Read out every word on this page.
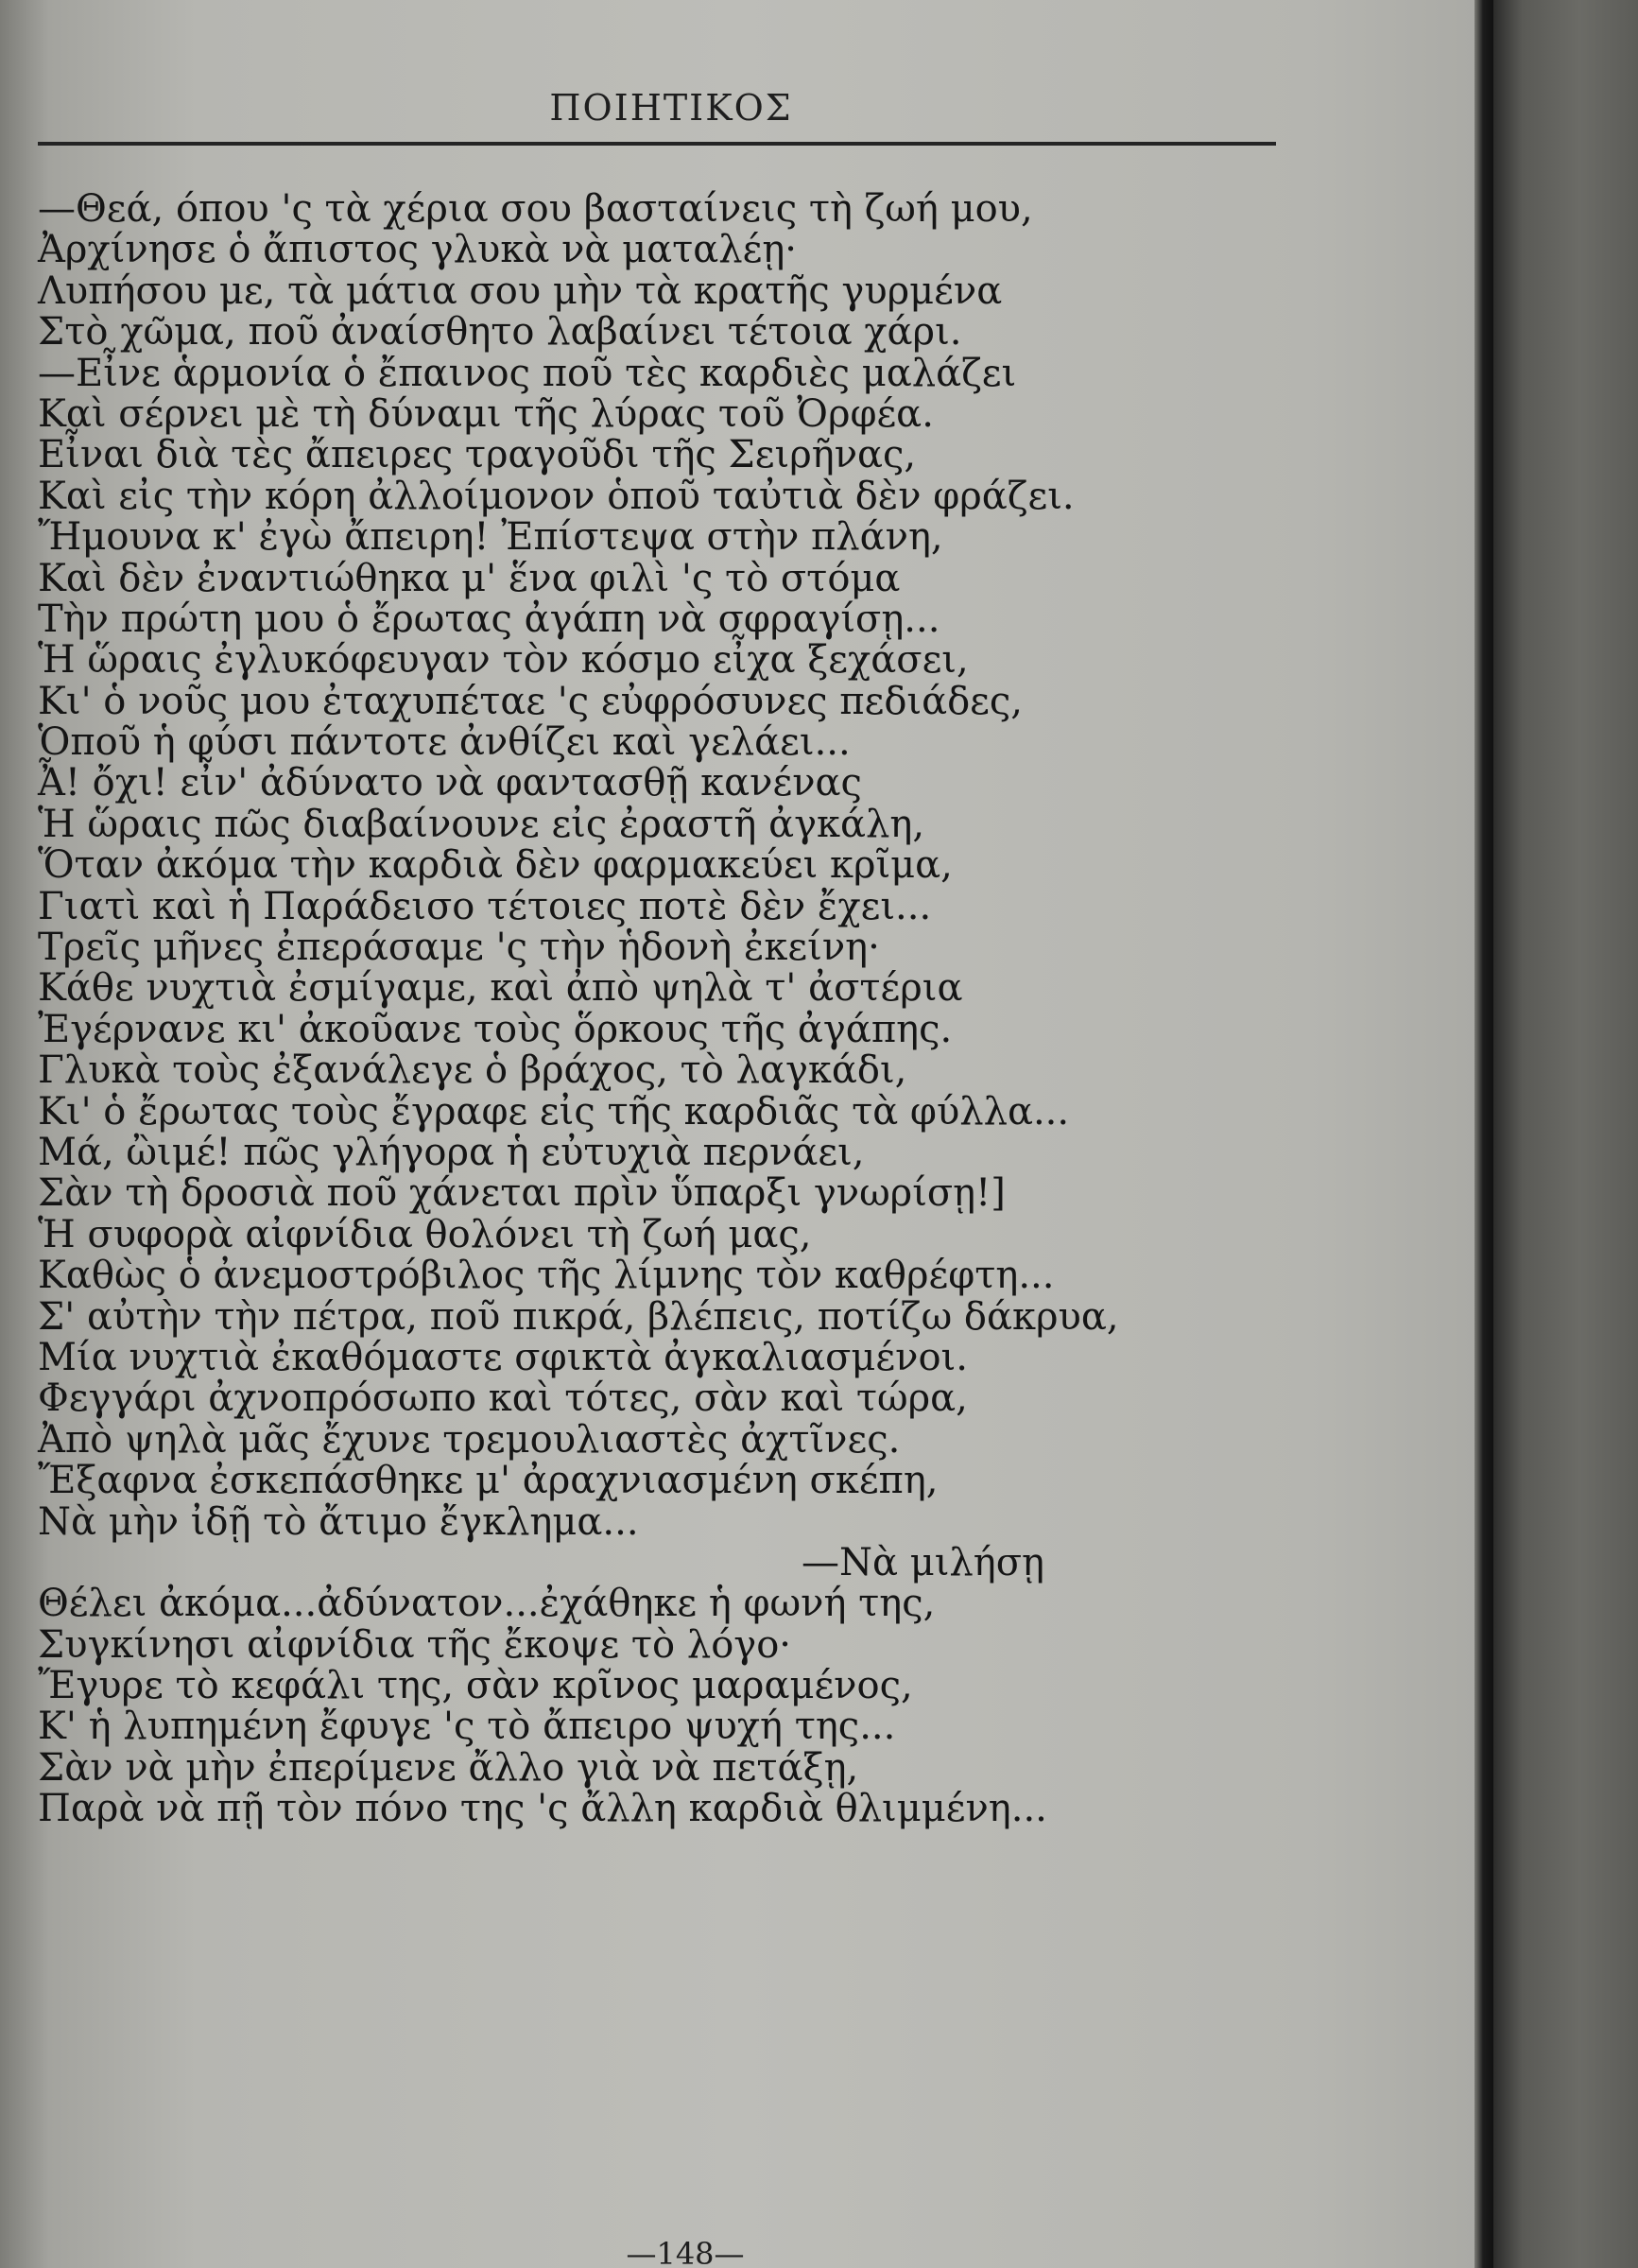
ΠΟΙΗΤΙΚΟΣ
—Θεά, όπου 'ς τὰ χέρια σου βασταίνεις τὴ ζωή μου,
Ἀρχίνησε ὁ ἄπιστος γλυκὰ νὰ ματαλέῃ·
Λυπήσου με, τὰ μάτια σου μὴν τὰ κρατῆς γυρμένα
Στὸ χῶμα, ποῦ ἀναίσθητο λαβαίνει τέτοια χάρι.
—Εἶνε ἁρμονία ὁ ἔπαινος ποῦ τὲς καρδιὲς μαλάζει
Καὶ σέρνει μὲ τὴ δύναμι τῆς λύρας τοῦ Ὀρφέα.
Εἶναι διὰ τὲς ἄπειρες τραγοῦδι τῆς Σειρῆνας,
Καὶ εἰς τὴν κόρη ἀλλοίμονον ὁποῦ ταὐτιὰ δὲν φράζει.
Ἤμουνα κ' ἐγὼ ἄπειρη! Ἐπίστεψα στὴν πλάνη,
Καὶ δὲν ἐναντιώθηκα μ' ἕνα φιλὶ 'ς τὸ στόμα
Τὴν πρώτη μου ὁ ἔρωτας ἀγάπη νὰ σφραγίσῃ...
Ἡ ὥραις ἐγλυκόφευγαν τὸν κόσμο εἶχα ξεχάσει,
Κι' ὁ νοῦς μου ἐταχυπέταε 'ς εὐφρόσυνες πεδιάδες,
Ὁποῦ ἡ φύσι πάντοτε ἀνθίζει καὶ γελάει...
Ἆ! ὄχι! εἶν' ἀδύνατο νὰ φαντασθῇ κανένας
Ἡ ὥραις πῶς διαβαίνουνε εἰς ἐραστῆ ἀγκάλη,
Ὅταν ἀκόμα τὴν καρδιὰ δὲν φαρμακεύει κρῖμα,
Γιατὶ καὶ ἡ Παράδεισο τέτοιες ποτὲ δὲν ἔχει...
Τρεῖς μῆνες ἐπεράσαμε 'ς τὴν ἡδονὴ ἐκείνη·
Κάθε νυχτιὰ ἐσμίγαμε, καὶ ἀπὸ ψηλὰ τ' ἀστέρια
Ἐγέρνανε κι' ἀκοῦανε τοὺς ὅρκους τῆς ἀγάπης.
Γλυκὰ τοὺς ἐξανάλεγε ὁ βράχος, τὸ λαγκάδι,
Κι' ὁ ἔρωτας τοὺς ἔγραφε εἰς τῆς καρδιᾶς τὰ φύλλα...
Μά, ὢιμέ! πῶς γλήγορα ἡ εὐτυχιὰ περνάει,
Σὰν τὴ δροσιὰ ποῦ χάνεται πρὶν ὕπαρξι γνωρίσῃ!]
Ἡ συφορὰ αἰφνίδια θολόνει τὴ ζωή μας,
Καθὼς ὁ ἀνεμοστρόβιλος τῆς λίμνης τὸν καθρέφτη...
Σ' αὐτὴν τὴν πέτρα, ποῦ πικρά, βλέπεις, ποτίζω δάκρυα,
Μία νυχτιὰ ἐκαθόμαστε σφικτὰ ἀγκαλιασμένοι.
Φεγγάρι ἀχνοπρόσωπο καὶ τότες, σὰν καὶ τώρα,
Ἀπὸ ψηλὰ μᾶς ἔχυνε τρεμουλιαστὲς ἀχτῖνες.
Ἔξαφνα ἐσκεπάσθηκε μ' ἀραχνιασμένη σκέπη,
Νὰ μὴν ἰδῇ τὸ ἄτιμο ἔγκλημα...
—Νὰ μιλήσῃ
Θέλει ἀκόμα...ἀδύνατον...ἐχάθηκε ἡ φωνή της,
Συγκίνησι αἰφνίδια τῆς ἔκοψε τὸ λόγο·
Ἔγυρε τὸ κεφάλι της, σὰν κρῖνος μαραμένος,
Κ' ἡ λυπημένη ἔφυγε 'ς τὸ ἄπειρο ψυχή της...
Σὰν νὰ μὴν ἐπερίμενε ἄλλο γιὰ νὰ πετάξῃ,
Παρὰ νὰ πῇ τὸν πόνο της 'ς ἄλλη καρδιὰ θλιμμένη...
—148—
